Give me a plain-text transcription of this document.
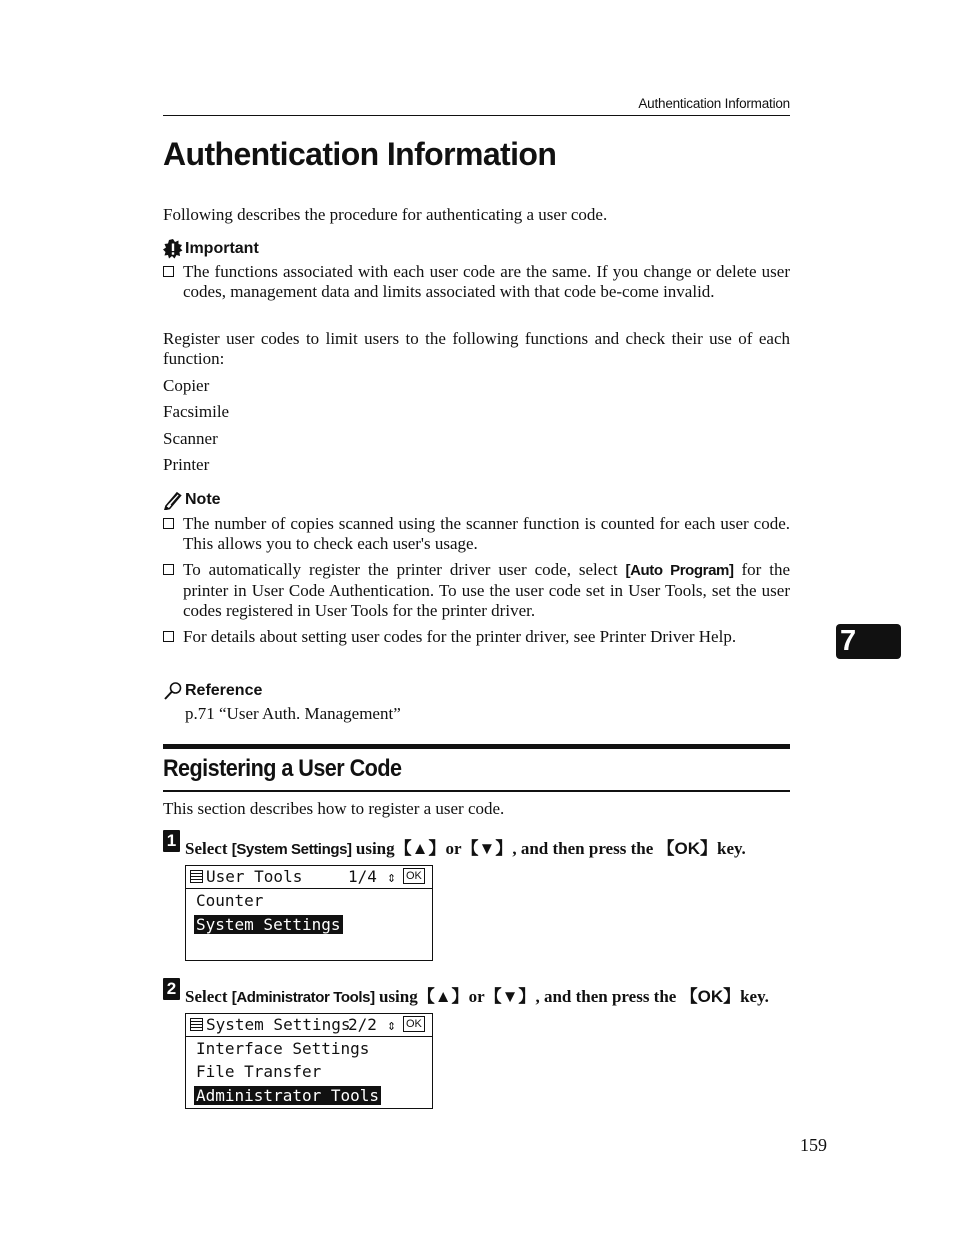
Authentication Information
Authentication Information
Following describes the procedure for authenticating a user code.
Important
The functions associated with each user code are the same. If you change or delete user codes, management data and limits associated with that code be-come invalid.
Register user codes to limit users to the following functions and check their use of each function:
Copier
Facsimile
Scanner
Printer
Note
The number of copies scanned using the scanner function is counted for each user code. This allows you to check each user's usage.
To automatically register the printer driver user code, select [Auto Program] for the printer in User Code Authentication. To use the user code set in User Tools, set the user codes registered in User Tools for the printer driver.
For details about setting user codes for the printer driver, see Printer Driver Help.
Reference
p.71 “User Auth. Management”
Registering a User Code
This section describes how to register a user code.
1 Select [System Settings] using【▲】or【▼】, and then press the 【OK】key.
User Tools	1/4 ⇕ OK
Counter
System Settings
2 Select [Administrator Tools] using【▲】or【▼】, and then press the 【OK】key.
System Settings
2/2 ⇕ OK
Interface Settings
File Transfer
Administrator Tools
7
159
